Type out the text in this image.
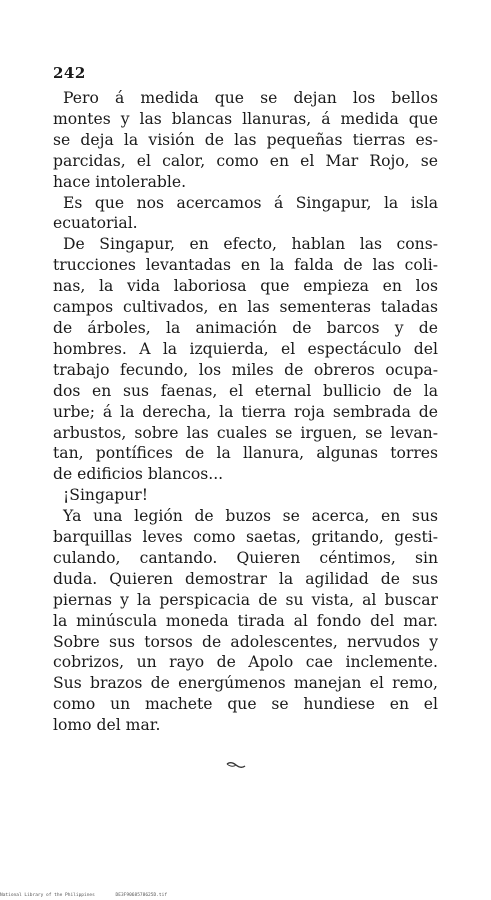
242
Pero á medida que se dejan los bellos
montes y las blancas llanuras, á medida que
se deja la visión de las pequeñas tierras es-
parcidas, el calor, como en el Mar Rojo, se
hace intolerable.
Es que nos acercamos á Singapur, la isla
ecuatorial.
De Singapur, en efecto, hablan las cons-
trucciones levantadas en la falda de las coli-
nas, la vida laboriosa que empieza en los
campos cultivados, en las sementeras taladas
de árboles, la animación de barcos y de
hombres. A la izquierda, el espectáculo del
trabajo fecundo, los miles de obreros ocupa-
dos en sus faenas, el eternal bullicio de la
urbe; á la derecha, la tierra roja sembrada de
arbustos, sobre las cuales se irguen, se levan-
tan, pontífices de la llanura, algunas torres
de edificios blancos...
¡Singapur!
Ya una legión de buzos se acerca, en sus
barquillas leves como saetas, gritando, gesti-
culando, cantando. Quieren céntimos, sin
duda. Quieren demostrar la agilidad de sus
piernas y la perspicacia de su vista, al buscar
la minúscula moneda tirada al fondo del mar.
Sobre sus torsos de adolescentes, nervudos y
cobrizos, un rayo de Apolo cae inclemente.
Sus brazos de energúmenos manejan el remo,
como un machete que se hundiese en el
lomo del mar.
National Library of the Philippines	DE3F9068578625D.tif
